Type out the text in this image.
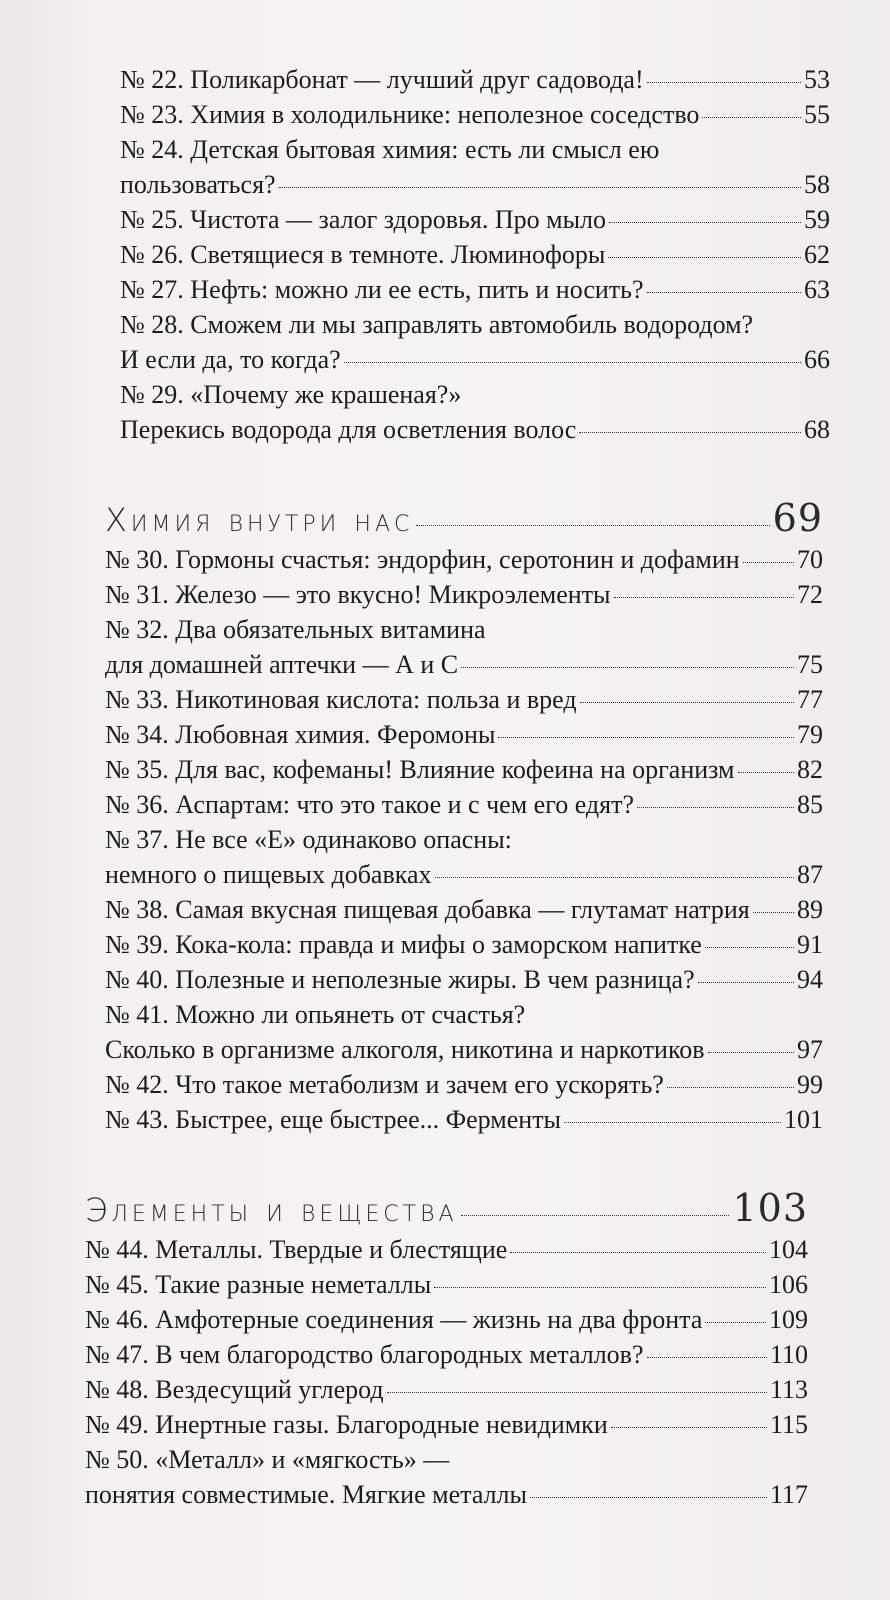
№ 22. Поликарбонат — лучший друг садовода!	53
№ 23. Химия в холодильнике: неполезное соседство	55
№ 24. Детская бытовая химия: есть ли смысл ею
пользоваться?	58
№ 25. Чистота — залог здоровья. Про мыло	59
№ 26. Светящиеся в темноте. Люминофоры	62
№ 27. Нефть: можно ли ее есть, пить и носить?	63
№ 28. Сможем ли мы заправлять автомобиль водородом?
И если да, то когда?	66
№ 29. «Почему же крашеная?»
Перекись водорода для осветления волос	68
Химия внутри нас	69
№ 30. Гормоны счастья: эндорфин, серотонин и дофамин 70
№ 31. Железо — это вкусно! Микроэлементы	72
№ 32. Два обязательных витамина
для домашней аптечки — А и С	75
№ 33. Никотиновая кислота: польза и вред	77
№ 34. Любовная химия. Феромоны	79
№ 35. Для вас, кофеманы! Влияние кофеина на организм 82
№ 36. Аспартам: что это такое и с чем его едят?	85
№ 37. Не все «Е» одинаково опасны:
немного о пищевых добавках	87
№ 38. Самая вкусная пищевая добавка — глутамат натрия 89
№ 39. Кока-кола: правда и мифы о заморском напитке	91
№ 40. Полезные и неполезные жиры. В чем разница?	94
№ 41. Можно ли опьянеть от счастья?
Сколько в организме алкоголя, никотина и наркотиков	97
№ 42. Что такое метаболизм и зачем его ускорять?	99
№ 43. Быстрее, еще быстрее... Ферменты	101
Элементы и вещества	103
№ 44. Металлы. Твердые и блестящие	104
№ 45. Такие разные неметаллы	106
№ 46. Амфотерные соединения — жизнь на два фронта	109
№ 47. В чем благородство благородных металлов?	110
№ 48. Вездесущий углерод	113
№ 49. Инертные газы. Благородные невидимки	115
№ 50. «Металл» и «мягкость» —
понятия совместимые. Мягкие металлы	117
